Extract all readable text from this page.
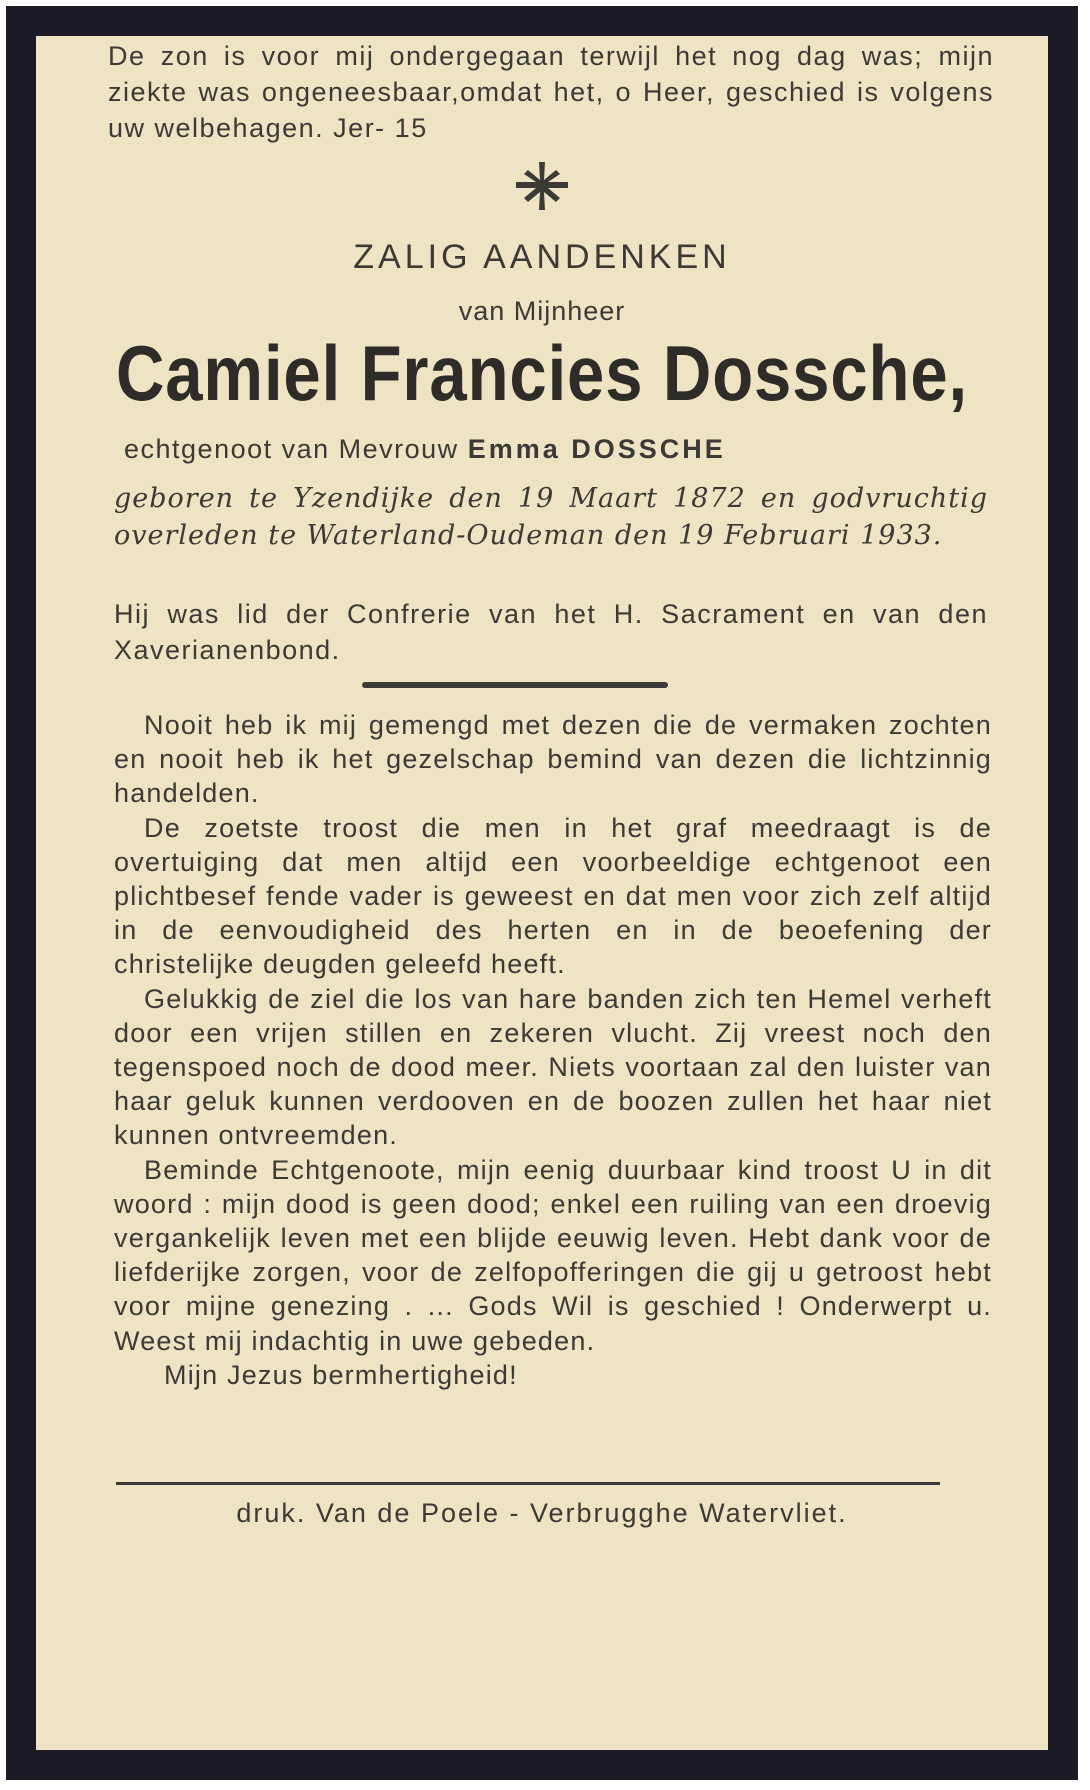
De zon is voor mij ondergegaan terwijl het nog dag was; mijn ziekte was ongeneesbaar,omdat het, o Heer, geschied is volgens uw welbehagen. Jer- 15
ZALIG AANDENKEN
van Mijnheer
Camiel Francies Dossche,
echtgenoot van Mevrouw Emma DOSSCHE

geboren te Yzendijke den 19 Maart 1872 en godvruchtig overleden te Waterland-Oudeman den 19 Februari 1933.

Hij was lid der Confrerie van het H. Sacrament en van den Xaverianenbond.

Nooit heb ik mij gemengd met dezen die de vermaken zochten en nooit heb ik het gezelschap bemind van dezen die lichtzinnig handelden.

De zoetste troost die men in het graf meedraagt is de overtuiging dat men altijd een voorbeeldige echtgenoot een plichtbesef fende vader is geweest en dat men voor zich zelf altijd in de eenvoudigheid des herten en in de beoefening der christelijke deugden geleefd heeft.

Gelukkig de ziel die los van hare banden zich ten Hemel verheft door een vrijen stillen en zekeren vlucht. Zij vreest noch den tegenspoed noch de dood meer. Niets voortaan zal den luister van haar geluk kunnen verdooven en de boozen zullen het haar niet kunnen ontvreemden.

Beminde Echtgenoote, mijn eenig duurbaar kind troost U in dit woord : mijn dood is geen dood; enkel een ruiling van een droevig vergankelijk leven met een blijde eeuwig leven. Hebt dank voor de liefderijke zorgen, voor de zelfopofferingen die gij u getroost hebt voor mijne genezing . ... Gods Wil is geschied ! Onderwerpt u. Weest mij indachtig in uwe gebeden.

Mijn Jezus bermhertigheid!

druk. Van de Poele - Verbrugghe Watervliet.
